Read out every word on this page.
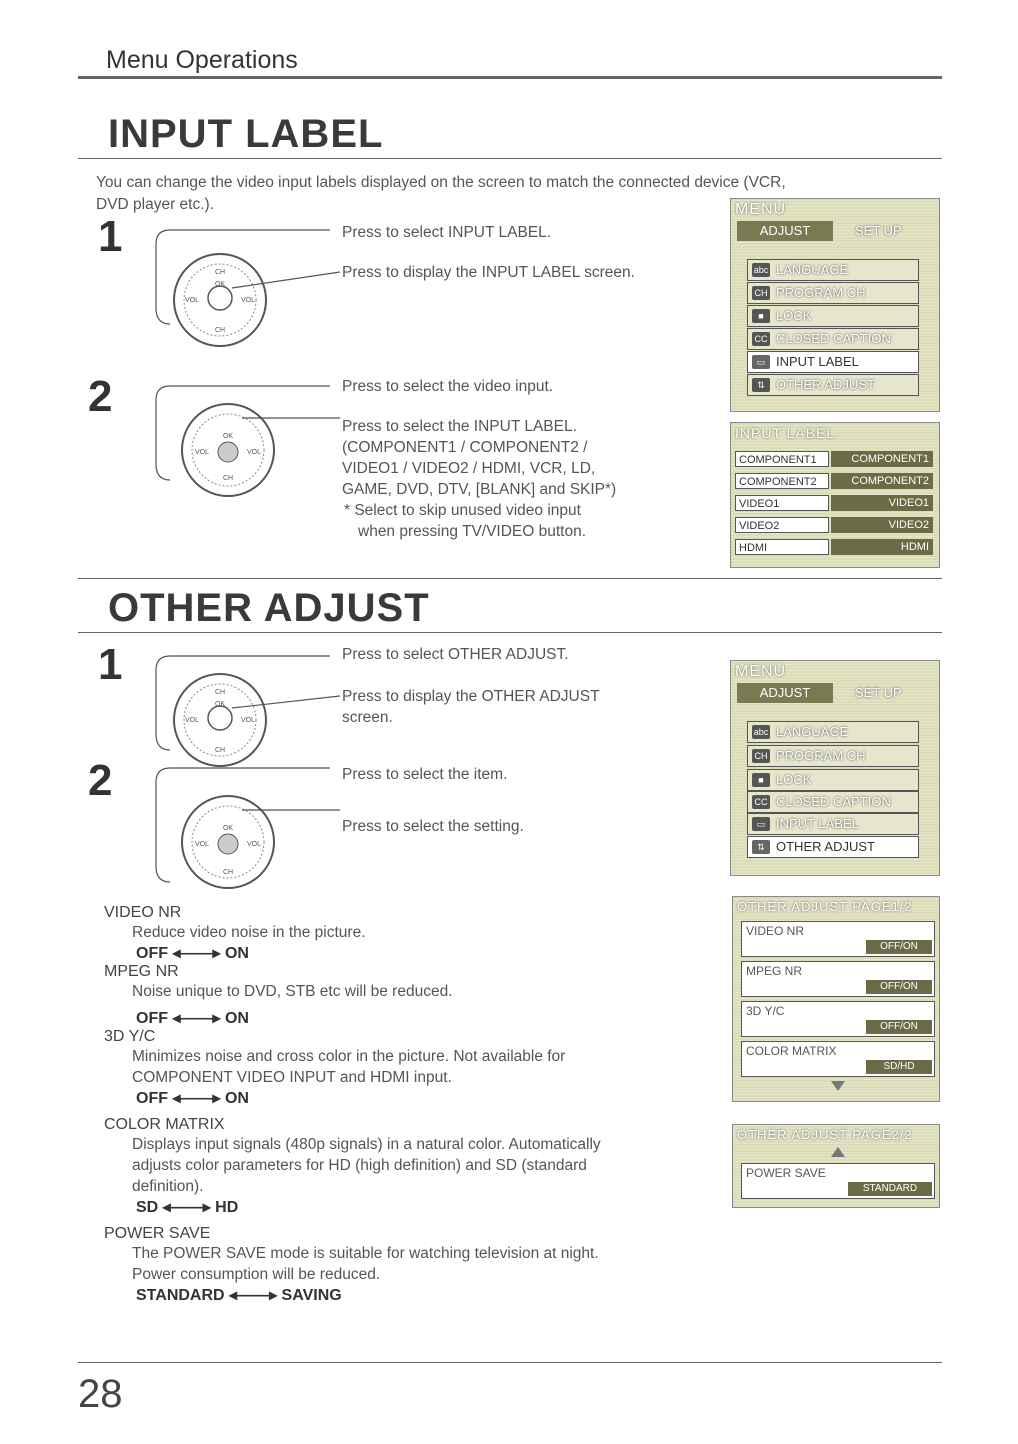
Menu Operations
INPUT LABEL
You can change the video input labels displayed on the screen to match the connected device (VCR,
DVD player etc.).
1
CH
CH
VOL	VOL
OK
Press to select INPUT LABEL.
Press to display the INPUT LABEL screen.
2
OK
CH
VOL	VOL
Press to select the video input.
Press to select the INPUT LABEL.
(COMPONENT1 / COMPONENT2 /
VIDEO1 / VIDEO2 / HDMI, VCR, LD,
GAME, DVD, DTV, [BLANK] and SKIP*)
* Select to skip unused video input
when pressing TV/VIDEO button.
MENU
ADJUST	SET UP
abc LANGUAGE
CH PROGRAM CH
■ LOCK
CC CLOSED CAPTION
▭ INPUT LABEL
⇅ OTHER ADJUST
INPUT LABEL
COMPONENT1	COMPONENT1
COMPONENT2	COMPONENT2
VIDEO1	VIDEO1
VIDEO2	VIDEO2
HDMI	HDMI
OTHER ADJUST
1
CH
CH
VOL	VOL
OK
Press to select OTHER ADJUST.
Press to display the OTHER ADJUST
screen.
2
OK
CH
VOL	VOL
Press to select the item.
Press to select the setting.
MENU
ADJUST	SET UP
abc LANGUAGE
CH PROGRAM CH
■ LOCK
CC CLOSED CAPTION
▭ INPUT LABEL
⇅ OTHER ADJUST
VIDEO NR
Reduce video noise in the picture.
OFF ◂——▸ ON
MPEG NR
Noise unique to DVD, STB etc will be reduced.
OFF ◂——▸ ON
3D Y/C
Minimizes noise and cross color in the picture. Not available for
COMPONENT VIDEO INPUT and HDMI input.
OFF ◂——▸ ON
COLOR MATRIX
Displays input signals (480p signals) in a natural color. Automatically
adjusts color parameters for HD (high definition) and SD (standard
definition).
SD ◂——▸ HD
POWER SAVE
The POWER SAVE mode is suitable for watching television at night.
Power consumption will be reduced.
STANDARD ◂——▸ SAVING
OTHER ADJUST PAGE1/2
VIDEO NR
OFF/ON
MPEG NR
OFF/ON
3D Y/C
OFF/ON
COLOR MATRIX
SD/HD
OTHER ADJUST PAGE2/2
POWER SAVE
STANDARD
28
